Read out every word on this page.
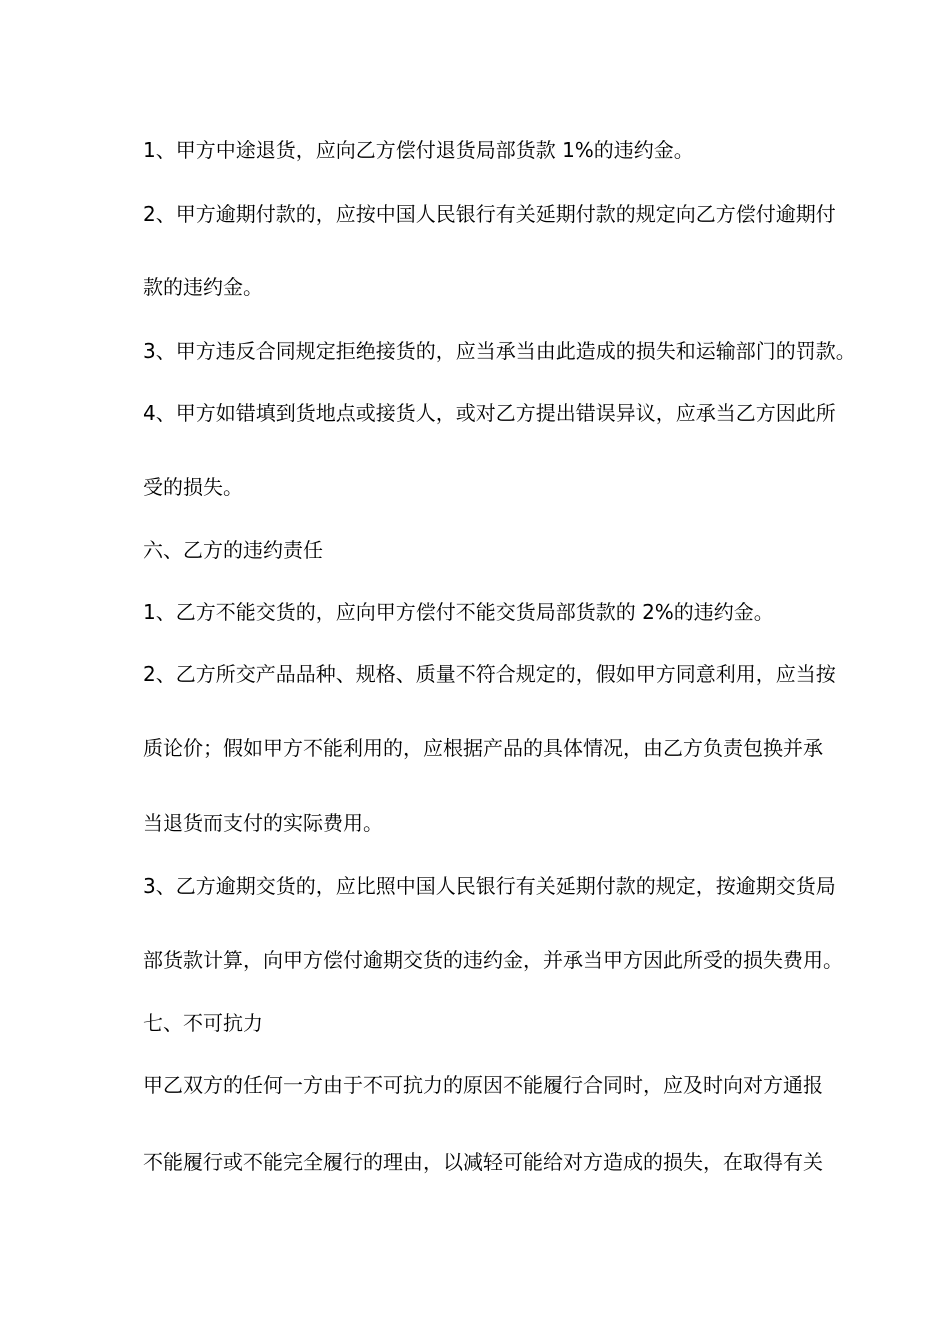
1、甲方中途退货，应向乙方偿付退货局部货款 1%的违约金。
2、甲方逾期付款的，应按中国人民银行有关延期付款的规定向乙方偿付逾期付
款的违约金。
3、甲方违反合同规定拒绝接货的，应当承当由此造成的损失和运输部门的罚款。
4、甲方如错填到货地点或接货人，或对乙方提出错误异议，应承当乙方因此所
受的损失。
六、乙方的违约责任
1、乙方不能交货的，应向甲方偿付不能交货局部货款的 2%的违约金。
2、乙方所交产品品种、规格、质量不符合规定的，假如甲方同意利用，应当按
质论价；假如甲方不能利用的，应根据产品的具体情况，由乙方负责包换并承
当退货而支付的实际费用。
3、乙方逾期交货的，应比照中国人民银行有关延期付款的规定，按逾期交货局
部货款计算，向甲方偿付逾期交货的违约金，并承当甲方因此所受的损失费用。
七、不可抗力
甲乙双方的任何一方由于不可抗力的原因不能履行合同时，应及时向对方通报
不能履行或不能完全履行的理由，以减轻可能给对方造成的损失，在取得有关
